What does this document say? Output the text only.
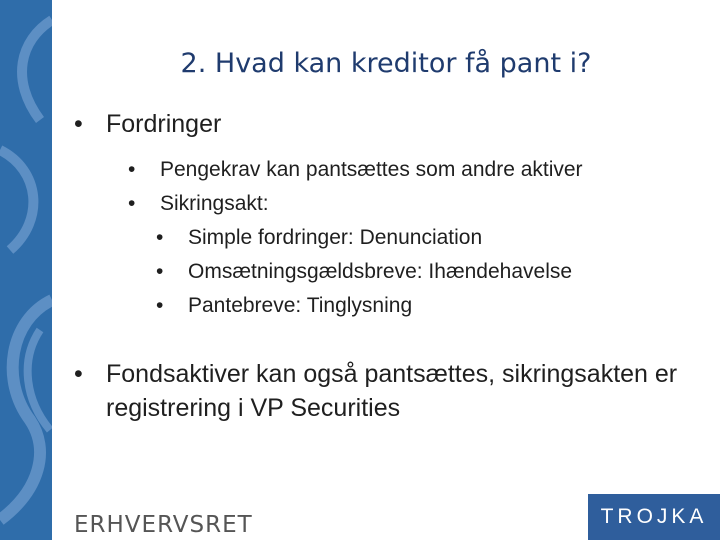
2. Hvad kan kreditor få pant i?
• Fordringer
•	Pengekrav kan pantsættes som andre aktiver
•	Sikringsakt:
•	Simple fordringer: Denunciation
•	Omsætningsgældsbreve: Ihændehavelse
•	Pantebreve: Tinglysning
• Fondsaktiver kan også pantsættes, sikringsakten er registrering i VP Securities
ERHVERVSRET	TROJKA
